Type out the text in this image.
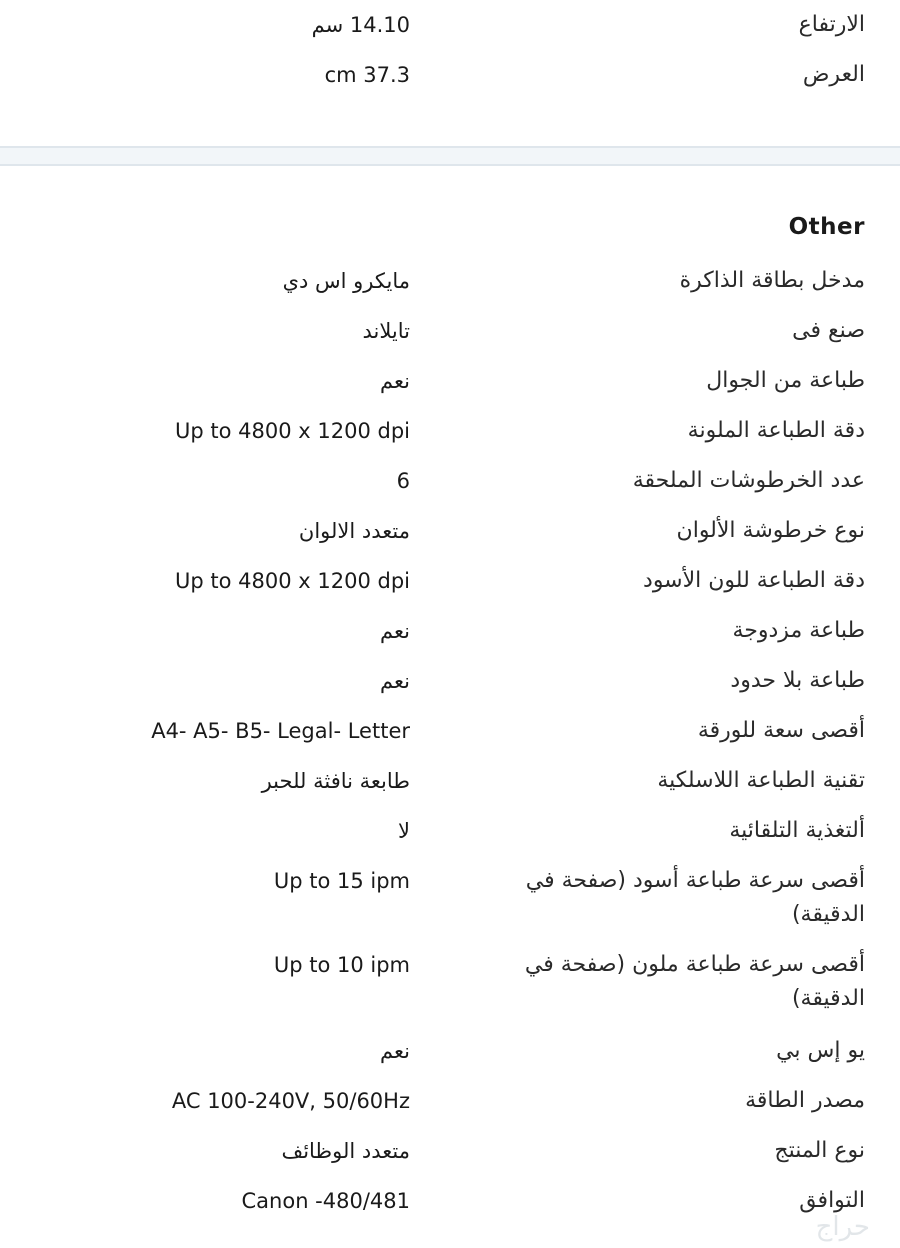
الارتفاع
14.10 سم
العرض
cm 37.3
Other
مدخل بطاقة الذاكرة
مايكرو اس دي
صنع فى
تايلاند
طباعة من الجوال
نعم
دقة الطباعة الملونة
Up to 4800 x 1200 dpi
عدد الخرطوشات الملحقة
6
نوع خرطوشة الألوان
متعدد الالوان
دقة الطباعة للون الأسود
Up to 4800 x 1200 dpi
طباعة مزدوجة
نعم
طباعة بلا حدود
نعم
أقصى سعة للورقة
A4- A5- B5- Legal- Letter
تقنية الطباعة اللاسلكية
طابعة نافثة للحبر
ألتغذية التلقائية
لا
أقصى سرعة طباعة أسود (صفحة في الدقيقة)
Up to 15 ipm
أقصى سرعة طباعة ملون (صفحة في الدقيقة)
Up to 10 ipm
يو إس بي
نعم
مصدر الطاقة
AC 100-240V, 50/60Hz
نوع المنتج
متعدد الوظائف
التوافق
Canon -480/481
حراج
